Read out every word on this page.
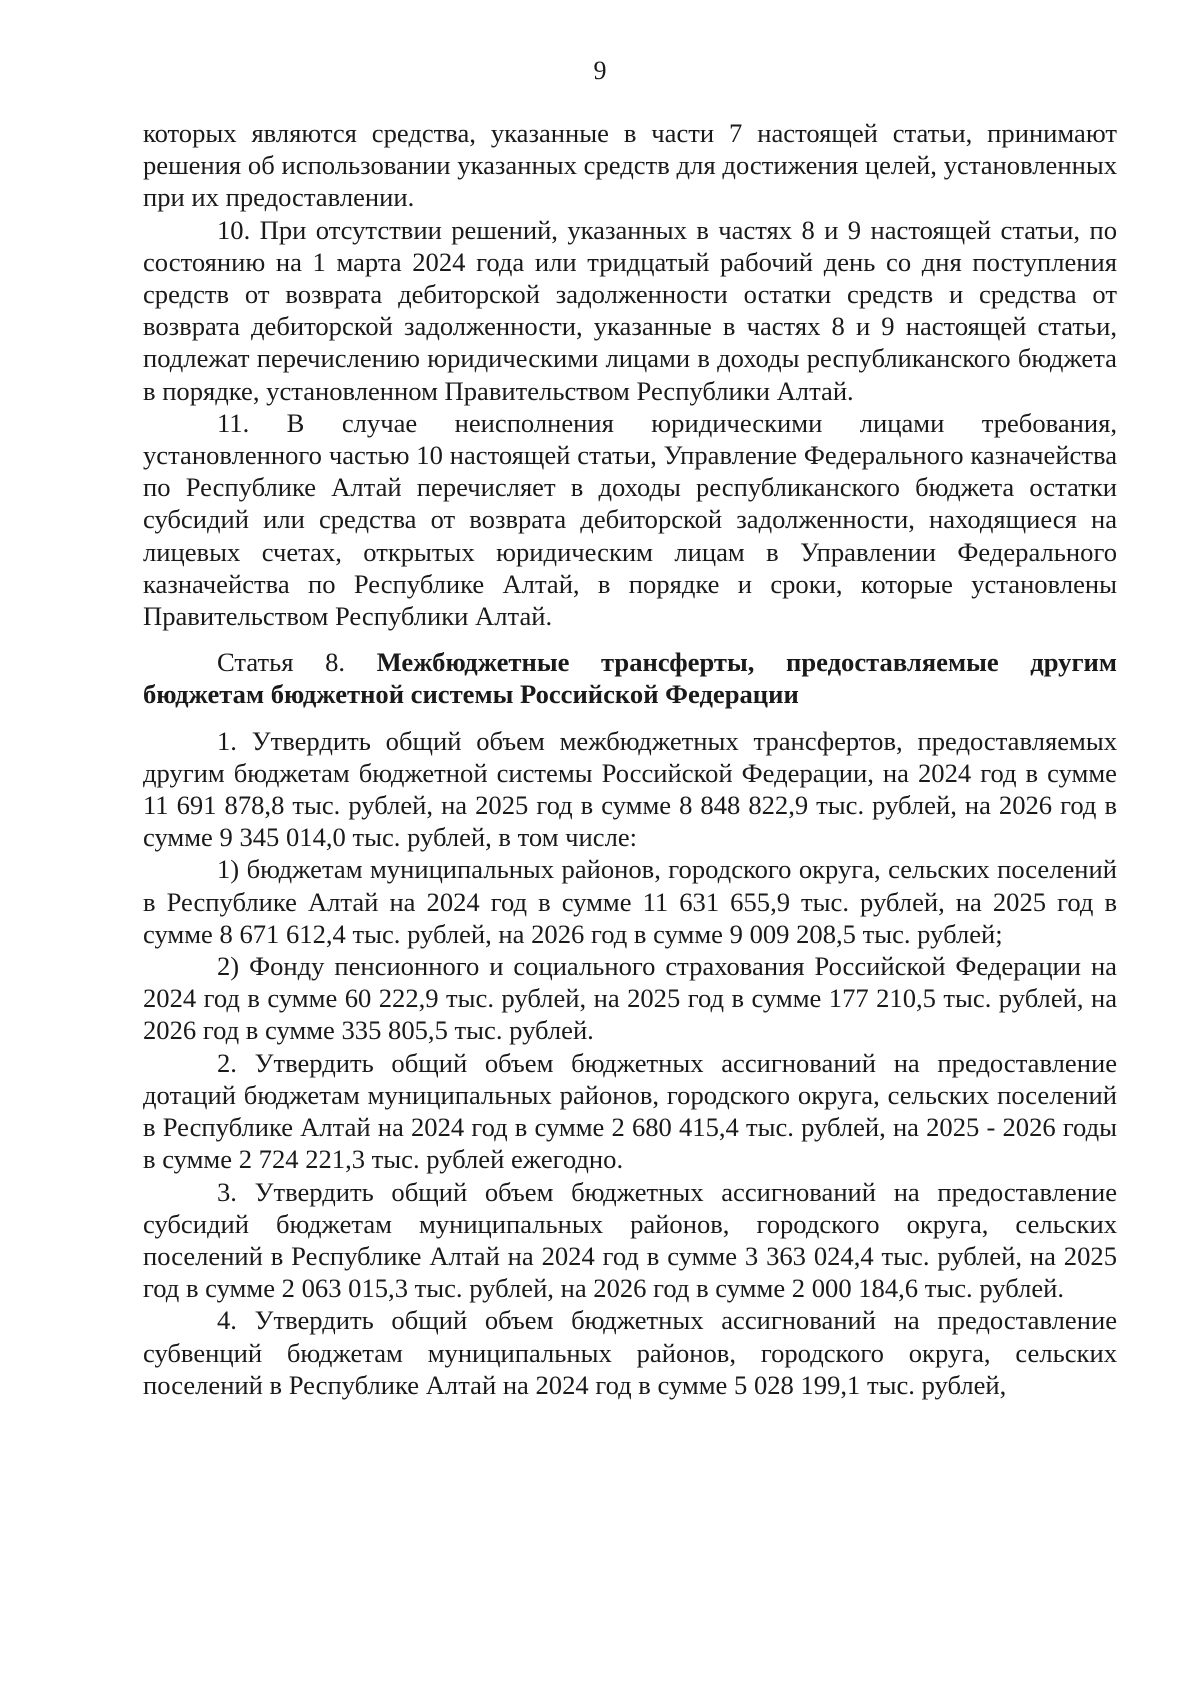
9

которых являются средства, указанные в части 7 настоящей статьи, принимают решения об использовании указанных средств для достижения целей, установленных при их предоставлении.

10. При отсутствии решений, указанных в частях 8 и 9 настоящей статьи, по состоянию на 1 марта 2024 года или тридцатый рабочий день со дня поступления средств от возврата дебиторской задолженности остатки средств и средства от возврата дебиторской задолженности, указанные в частях 8 и 9 настоящей статьи, подлежат перечислению юридическими лицами в доходы республиканского бюджета в порядке, установленном Правительством Республики Алтай.

11. В случае неисполнения юридическими лицами требования, установленного частью 10 настоящей статьи, Управление Федерального казначейства по Республике Алтай перечисляет в доходы республиканского бюджета остатки субсидий или средства от возврата дебиторской задолженности, находящиеся на лицевых счетах, открытых юридическим лицам в Управлении Федерального казначейства по Республике Алтай, в порядке и сроки, которые установлены Правительством Республики Алтай.

Статья 8. Межбюджетные трансферты, предоставляемые другим бюджетам бюджетной системы Российской Федерации

1. Утвердить общий объем межбюджетных трансфертов, предоставляемых другим бюджетам бюджетной системы Российской Федерации, на 2024 год в сумме 11 691 878,8 тыс. рублей, на 2025 год в сумме 8 848 822,9 тыс. рублей, на 2026 год в сумме 9 345 014,0 тыс. рублей, в том числе:

1) бюджетам муниципальных районов, городского округа, сельских поселений в Республике Алтай на 2024 год в сумме 11 631 655,9 тыс. рублей, на 2025 год в сумме 8 671 612,4 тыс. рублей, на 2026 год в сумме 9 009 208,5 тыс. рублей;

2) Фонду пенсионного и социального страхования Российской Федерации на 2024 год в сумме 60 222,9 тыс. рублей, на 2025 год в сумме 177 210,5 тыс. рублей, на 2026 год в сумме 335 805,5 тыс. рублей.

2. Утвердить общий объем бюджетных ассигнований на предоставление дотаций бюджетам муниципальных районов, городского округа, сельских поселений в Республике Алтай на 2024 год в сумме 2 680 415,4 тыс. рублей, на 2025 - 2026 годы в сумме 2 724 221,3 тыс. рублей ежегодно.

3. Утвердить общий объем бюджетных ассигнований на предоставление субсидий бюджетам муниципальных районов, городского округа, сельских поселений в Республике Алтай на 2024 год в сумме 3 363 024,4 тыс. рублей, на 2025 год в сумме 2 063 015,3 тыс. рублей, на 2026 год в сумме 2 000 184,6 тыс. рублей.

4. Утвердить общий объем бюджетных ассигнований на предоставление субвенций бюджетам муниципальных районов, городского округа, сельских поселений в Республике Алтай на 2024 год в сумме 5 028 199,1 тыс. рублей,
